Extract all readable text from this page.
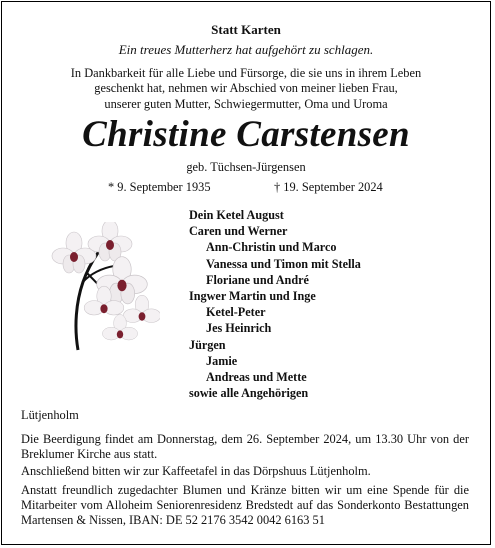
Statt Karten
Ein treues Mutterherz hat aufgehört zu schlagen.
In Dankbarkeit für alle Liebe und Fürsorge, die sie uns in ihrem Leben
geschenkt hat, nehmen wir Abschied von meiner lieben Frau,
unserer guten Mutter, Schwiegermutter, Oma und Uroma
Christine Carstensen
geb. Tüchsen-Jürgensen
* 9. September 1935	† 19. September 2024
Dein Ketel August
Caren und Werner
Ann-Christin und Marco
Vanessa und Timon mit Stella
Floriane und André
Ingwer Martin und Inge
Ketel-Peter
Jes Heinrich
Jürgen
Jamie
Andreas und Mette
sowie alle Angehörigen
Lütjenholm
Die Beerdigung findet am Donnerstag, dem 26. September 2024, um 13.30 Uhr von der Breklumer Kirche aus statt.
Anschließend bitten wir zur Kaffeetafel in das Dörpshuus Lütjenholm.
Anstatt freundlich zugedachter Blumen und Kränze bitten wir um eine Spende für die Mitarbeiter vom Alloheim Seniorenresidenz Bredstedt auf das Sonderkonto Bestattungen Martensen & Nissen, IBAN: DE 52 2176 3542 0042 6163 51
